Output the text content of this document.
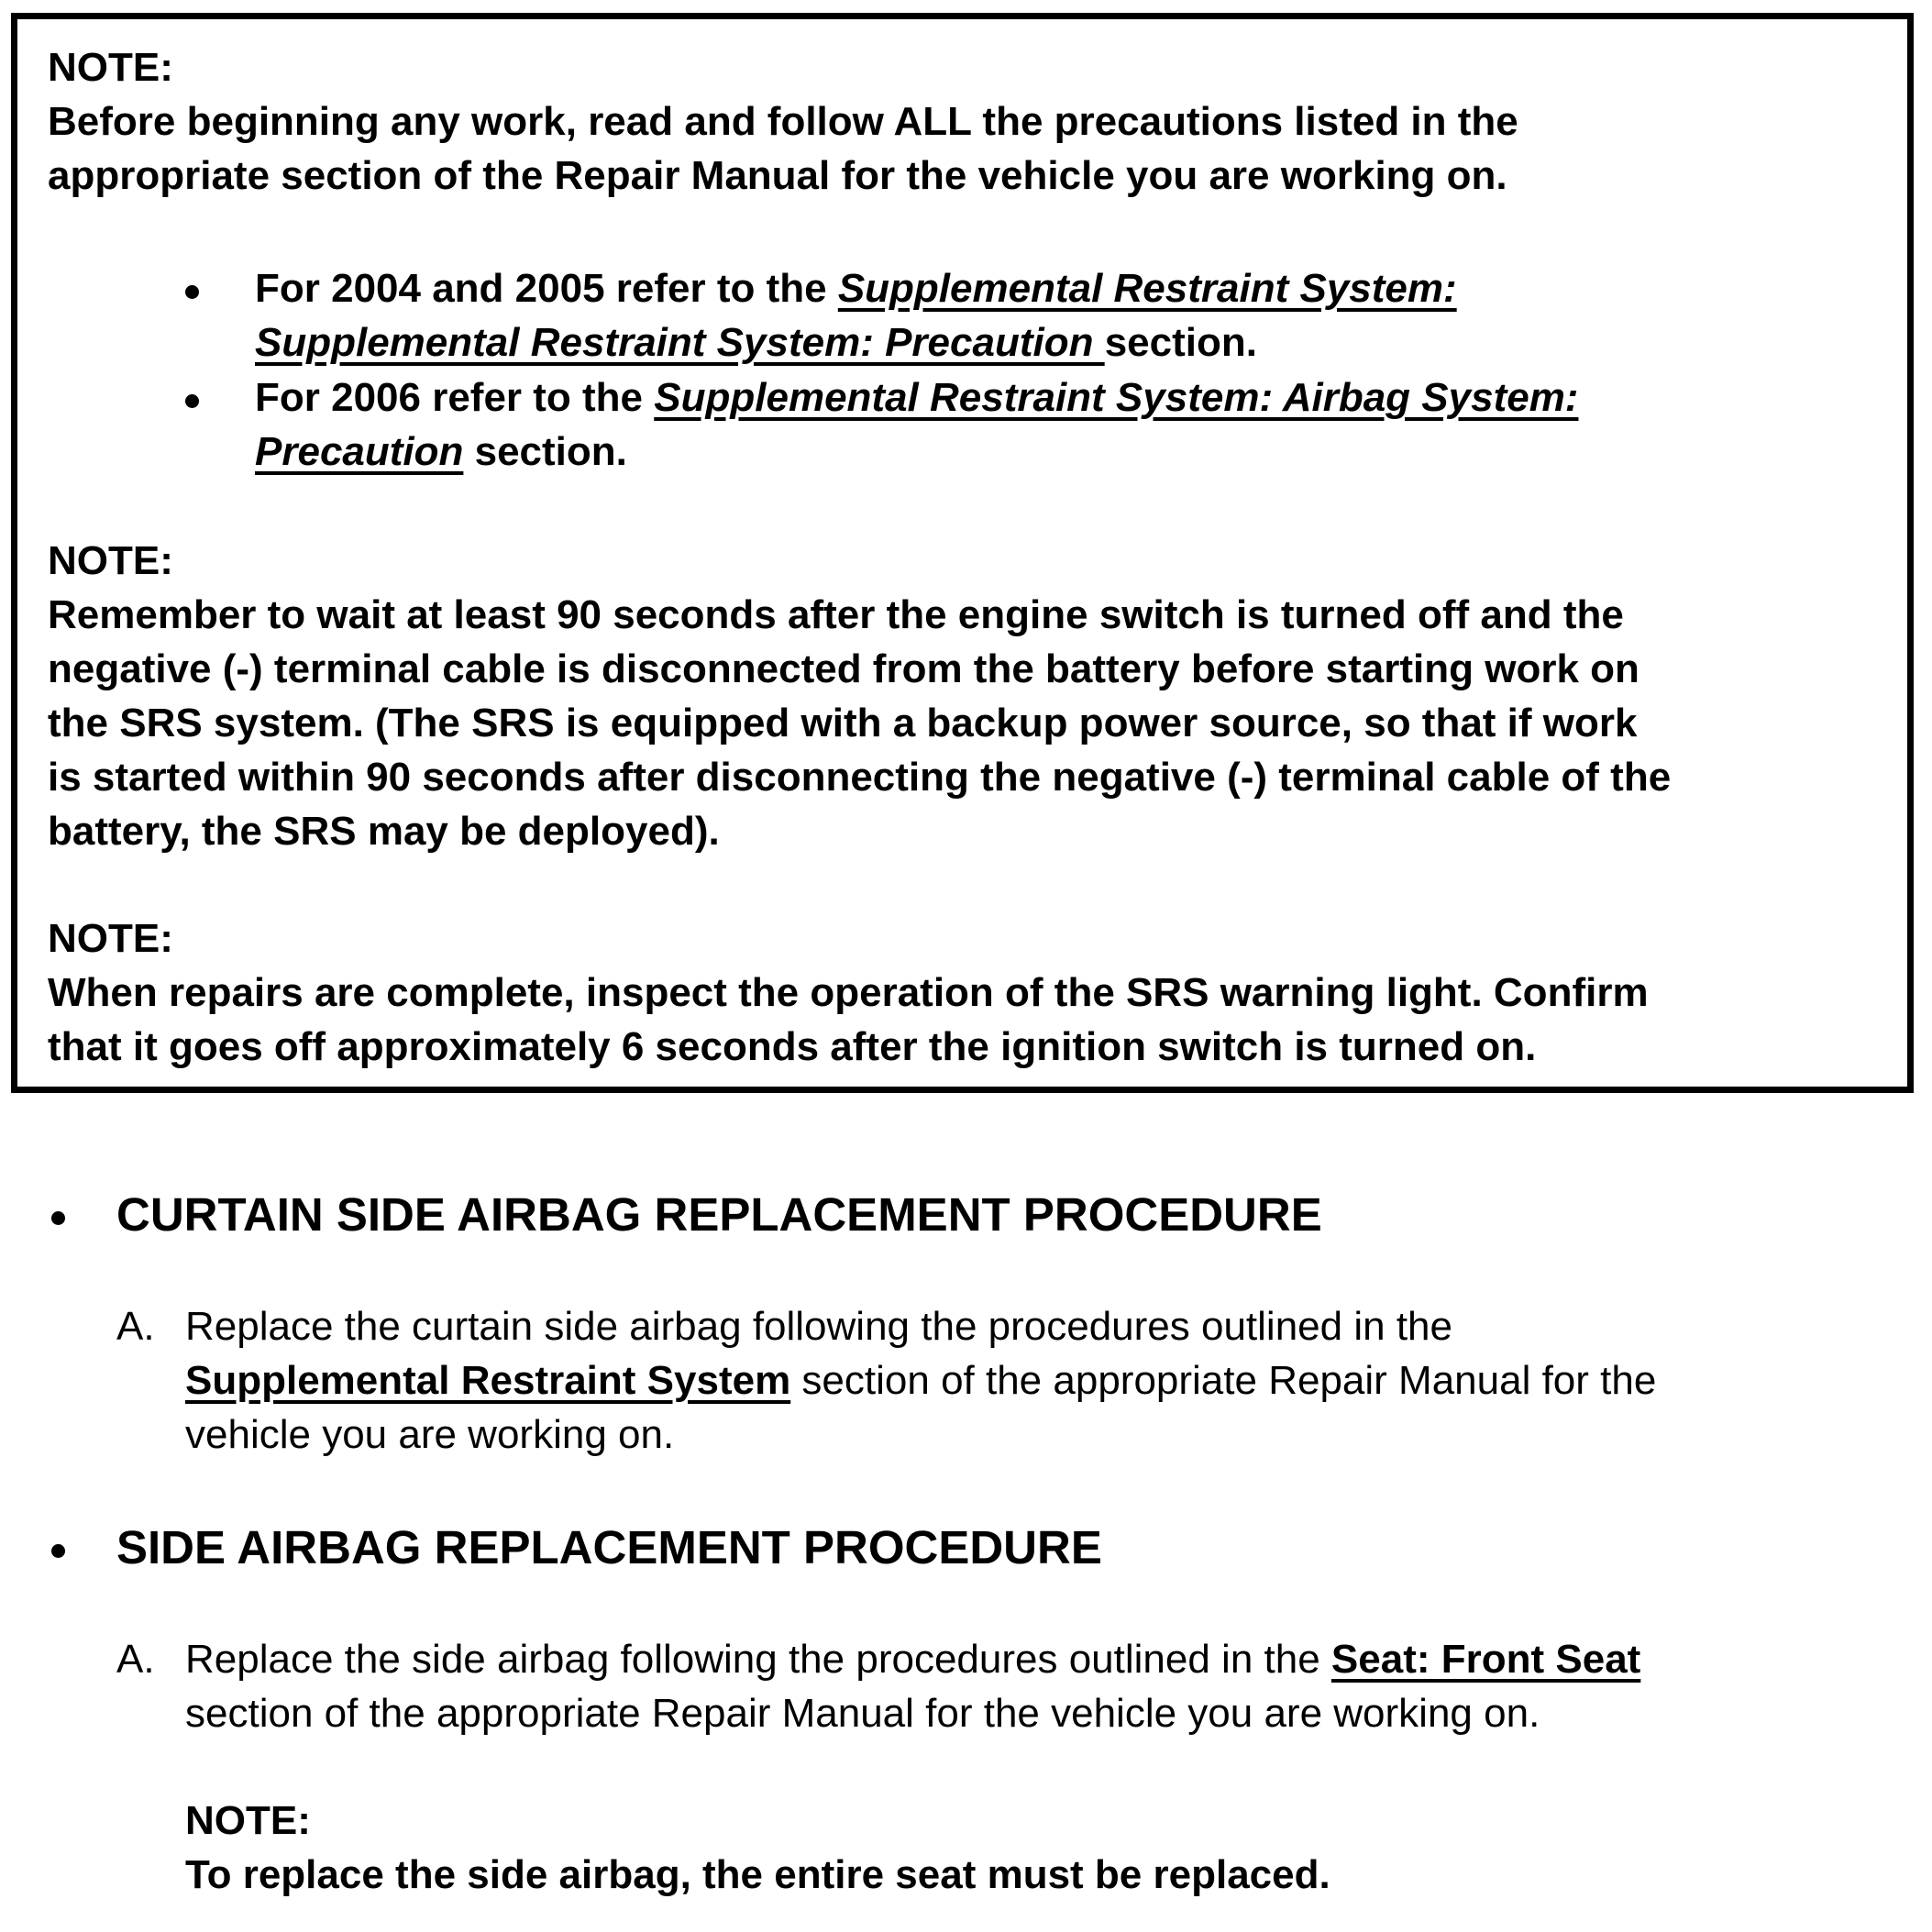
NOTE:
Before beginning any work, read and follow ALL the precautions listed in the
appropriate section of the Repair Manual for the vehicle you are working on.
For 2004 and 2005 refer to the Supplemental Restraint System:
Supplemental Restraint System: Precaution section.
For 2006 refer to the Supplemental Restraint System: Airbag System:
Precaution section.
NOTE:
Remember to wait at least 90 seconds after the engine switch is turned off and the
negative (-) terminal cable is disconnected from the battery before starting work on
the SRS system. (The SRS is equipped with a backup power source, so that if work
is started within 90 seconds after disconnecting the negative (-) terminal cable of the
battery, the SRS may be deployed).
NOTE:
When repairs are complete, inspect the operation of the SRS warning light. Confirm
that it goes off approximately 6 seconds after the ignition switch is turned on.
CURTAIN SIDE AIRBAG REPLACEMENT PROCEDURE
A. Replace the curtain side airbag following the procedures outlined in the
Supplemental Restraint System section of the appropriate Repair Manual for the
vehicle you are working on.
SIDE AIRBAG REPLACEMENT PROCEDURE
A. Replace the side airbag following the procedures outlined in the Seat: Front Seat
section of the appropriate Repair Manual for the vehicle you are working on.
NOTE:
To replace the side airbag, the entire seat must be replaced.
